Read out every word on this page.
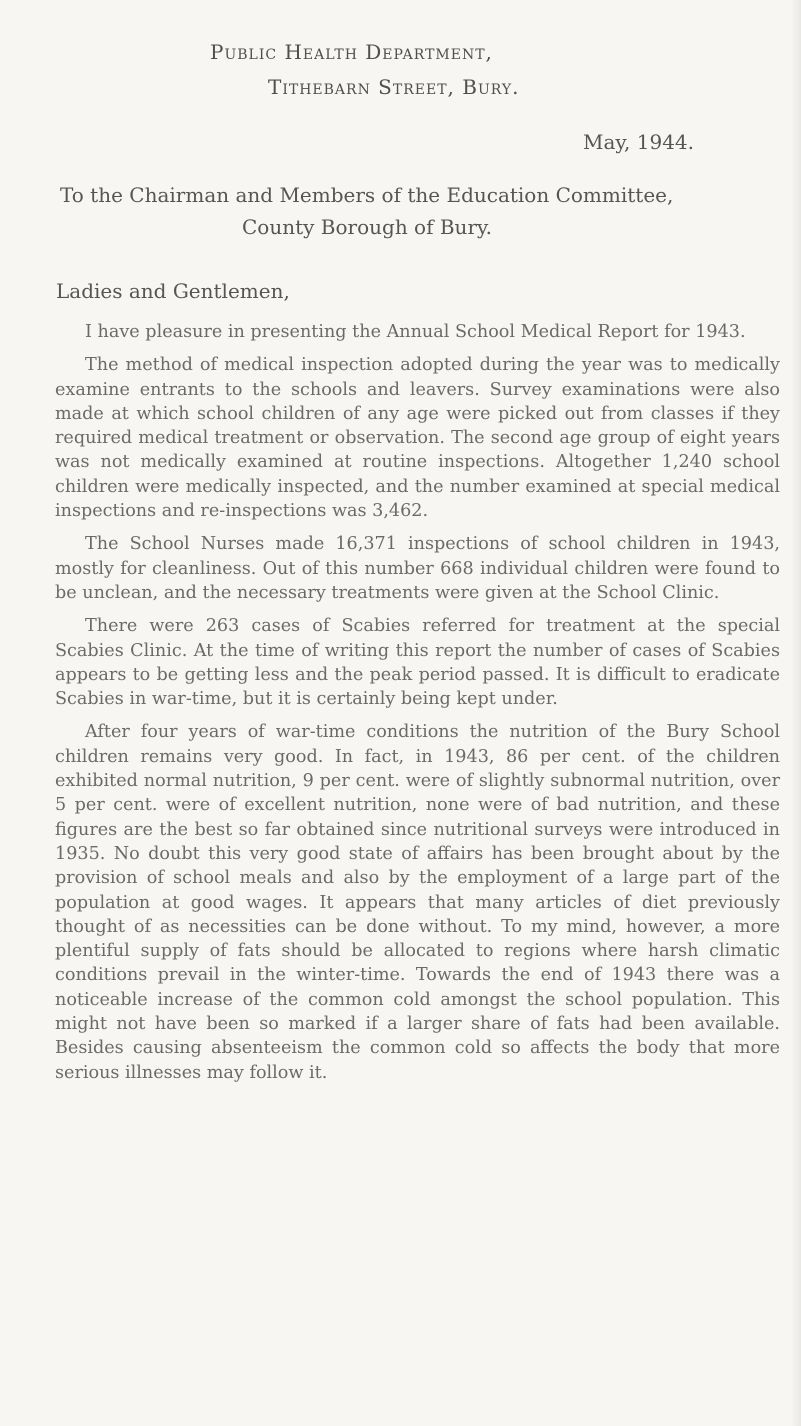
Public Health Department,
Tithebarn Street, Bury.
May, 1944.
To the Chairman and Members of the Education Committee,
County Borough of Bury.
Ladies and Gentlemen,

I have pleasure in presenting the Annual School Medical Report for 1943.

The method of medical inspection adopted during the year was to medically examine entrants to the schools and leavers. Survey examinations were also made at which school children of any age were picked out from classes if they required medical treatment or observation. The second age group of eight years was not medically examined at routine inspections. Altogether 1,240 school children were medically inspected, and the number examined at special medical inspections and re-inspections was 3,462.

The School Nurses made 16,371 inspections of school children in 1943, mostly for cleanliness. Out of this number 668 individual children were found to be unclean, and the necessary treatments were given at the School Clinic.

There were 263 cases of Scabies referred for treatment at the special Scabies Clinic. At the time of writing this report the number of cases of Scabies appears to be getting less and the peak period passed. It is difficult to eradicate Scabies in war-time, but it is certainly being kept under.

After four years of war-time conditions the nutrition of the Bury School children remains very good. In fact, in 1943, 86 per cent. of the children exhibited normal nutrition, 9 per cent. were of slightly subnormal nutrition, over 5 per cent. were of excellent nutrition, none were of bad nutrition, and these figures are the best so far obtained since nutritional surveys were introduced in 1935. No doubt this very good state of affairs has been brought about by the provision of school meals and also by the employment of a large part of the population at good wages. It appears that many articles of diet previously thought of as necessities can be done without. To my mind, however, a more plentiful supply of fats should be allocated to regions where harsh climatic conditions prevail in the winter-time. Towards the end of 1943 there was a noticeable increase of the common cold amongst the school population. This might not have been so marked if a larger share of fats had been available. Besides causing absenteeism the common cold so affects the body that more serious illnesses may follow it.
